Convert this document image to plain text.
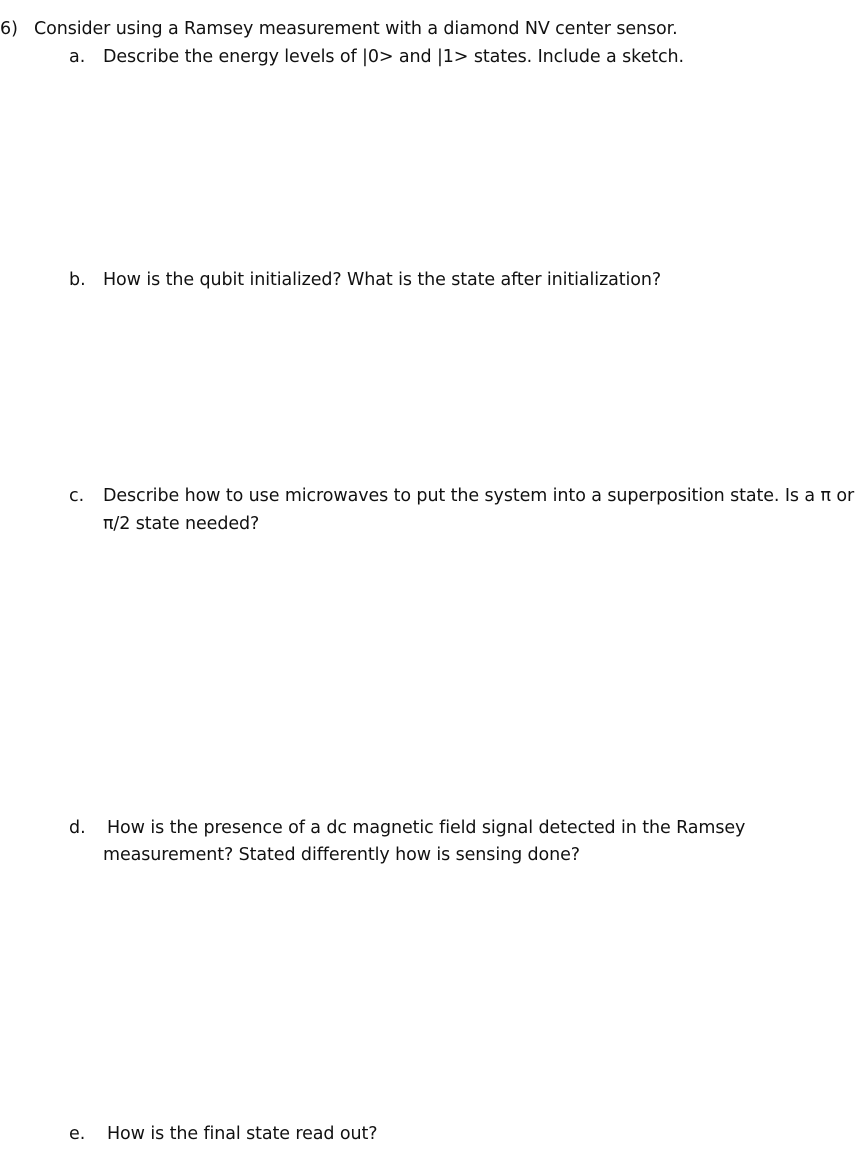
6) Consider using a Ramsey measurement with a diamond NV center sensor.
a. Describe the energy levels of |0> and |1> states. Include a sketch.
b. How is the qubit initialized? What is the state after initialization?
c. Describe how to use microwaves to put the system into a superposition state. Is a π or
π/2 state needed?
d. How is the presence of a dc magnetic field signal detected in the Ramsey
measurement? Stated differently how is sensing done?
e. How is the final state read out?
